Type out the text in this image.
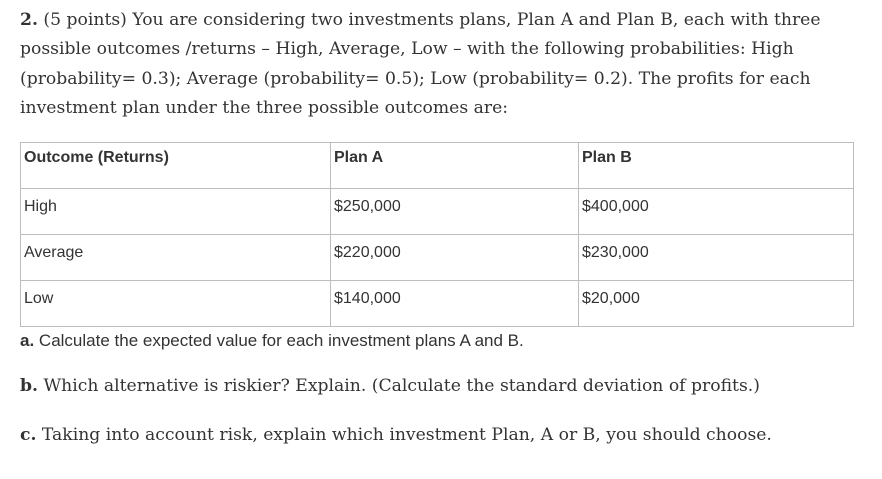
2. (5 points) You are considering two investments plans, Plan A and Plan B, each with three possible outcomes /returns – High, Average, Low – with the following probabilities: High (probability= 0.3); Average (probability= 0.5); Low (probability= 0.2). The profits for each investment plan under the three possible outcomes are:
Outcome (Returns)	Plan A	Plan B
High	$250,000	$400,000
Average	$220,000	$230,000
Low	$140,000	$20,000
a. Calculate the expected value for each investment plans A and B.
b. Which alternative is riskier? Explain. (Calculate the standard deviation of profits.)
c. Taking into account risk, explain which investment Plan, A or B, you should choose.
